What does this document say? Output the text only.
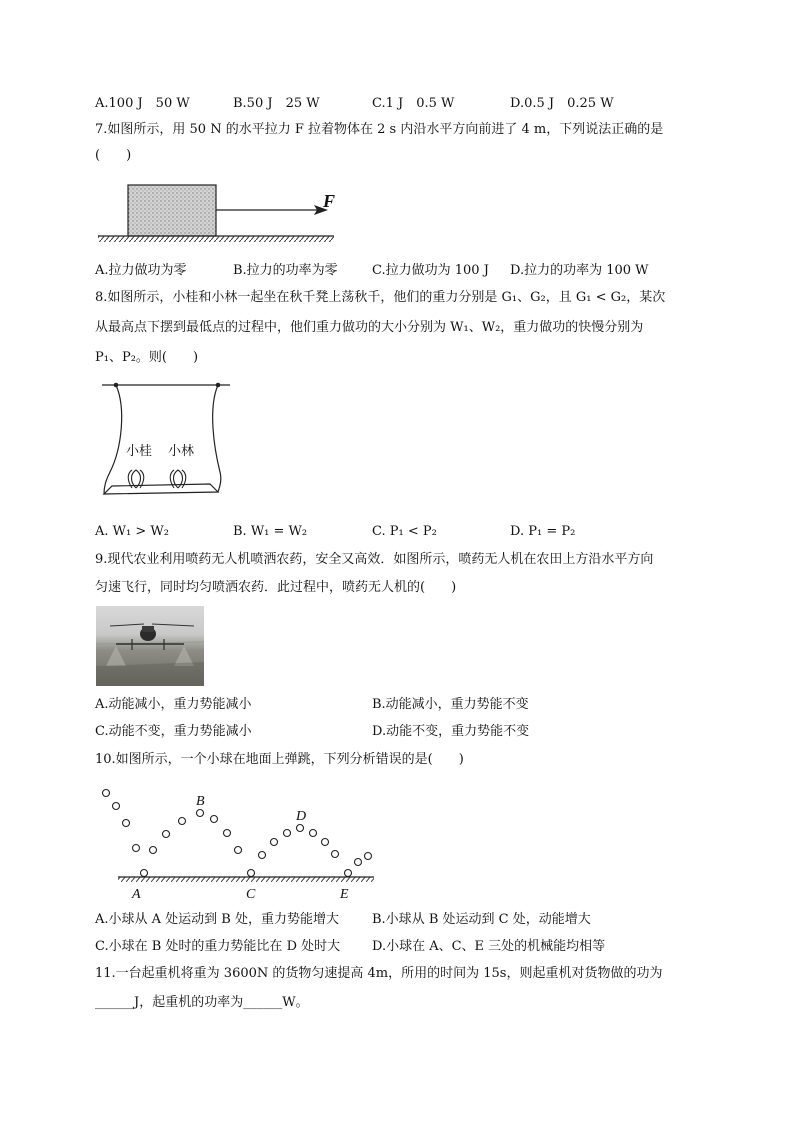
A.100 J　50 W	B.50 J　25 W	C.1 J　0.5 W	D.0.5 J　0.25 W
7.如图所示，用 50 N 的水平拉力 F 拉着物体在 2 s 内沿水平方向前进了 4 m，下列说法正确的是
(　　)
F
A.拉力做功为零	B.拉力的功率为零	C.拉力做功为 100 J D.拉力的功率为 100 W
8.如图所示，小桂和小林一起坐在秋千凳上荡秋千，他们的重力分别是 G₁、G₂，且 G₁ < G₂，某次
从最高点下摆到最低点的过程中，他们重力做功的大小分别为 W₁、W₂，重力做功的快慢分别为
P₁、P₂。则(　　)
小桂 小林
A. W₁ > W₂	B. W₁ = W₂	C. P₁ < P₂	D. P₁ = P₂
9.现代农业利用喷药无人机喷洒农药，安全又高效．如图所示，喷药无人机在农田上方沿水平方向
匀速飞行，同时均匀喷洒农药．此过程中，喷药无人机的(　　)
A.动能减小，重力势能减小	B.动能减小，重力势能不变
C.动能不变，重力势能减小	D.动能不变，重力势能不变
10.如图所示，一个小球在地面上弹跳，下列分析错误的是(　　)
A
B
C
D
E
A.小球从 A 处运动到 B 处，重力势能增大	B.小球从 B 处运动到 C 处，动能增大
C.小球在 B 处时的重力势能比在 D 处时大 D.小球在 A、C、E 三处的机械能均相等
11.一台起重机将重为 3600N 的货物匀速提高 4m，所用的时间为 15s，则起重机对货物做的功为
______J，起重机的功率为______W。
